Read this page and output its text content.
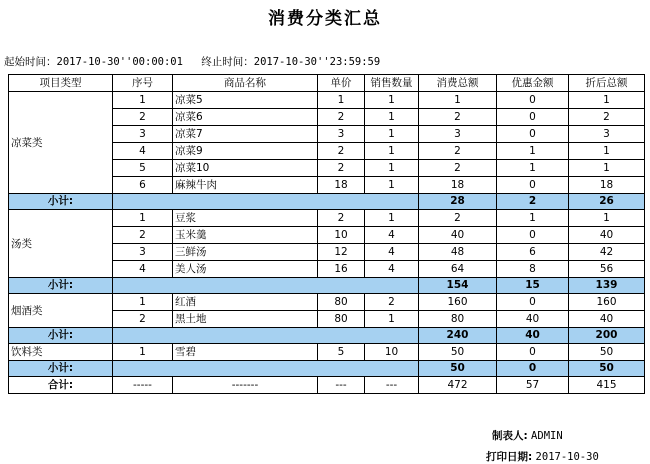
消费分类汇总
起始时间：2017-10-30''00:00:01 终止时间：2017-10-30''23:59:59
项目类型	序号	商品名称	单价	销售数量	消费总额	优惠金额	折后总额
凉菜类	1	凉菜5	1	1	1	0	1
	2	凉菜6	2	1	2	0	2
	3	凉菜7	3	1	3	0	3
	4	凉菜9	2	1	2	1	1
	5	凉菜10	2	1	2	1	1
	6	麻辣牛肉	18	1	18	0	18
小计:					28	2	26
汤类	1	豆浆	2	1	2	1	1
	2	玉米羹	10	4	40	0	40
	3	三鲜汤	12	4	48	6	42
	4	美人汤	16	4	64	8	56
小计:					154	15	139
烟酒类	1	红酒	80	2	160	0	160
	2	黑土地	80	1	80	40	40
小计:					240	40	200
饮料类	1	雪碧	5	10	50	0	50
小计:					50	0	50
合计:	-----	-------	---	---	472	57	415
制表人: ADMIN
打印日期: 2017-10-30
